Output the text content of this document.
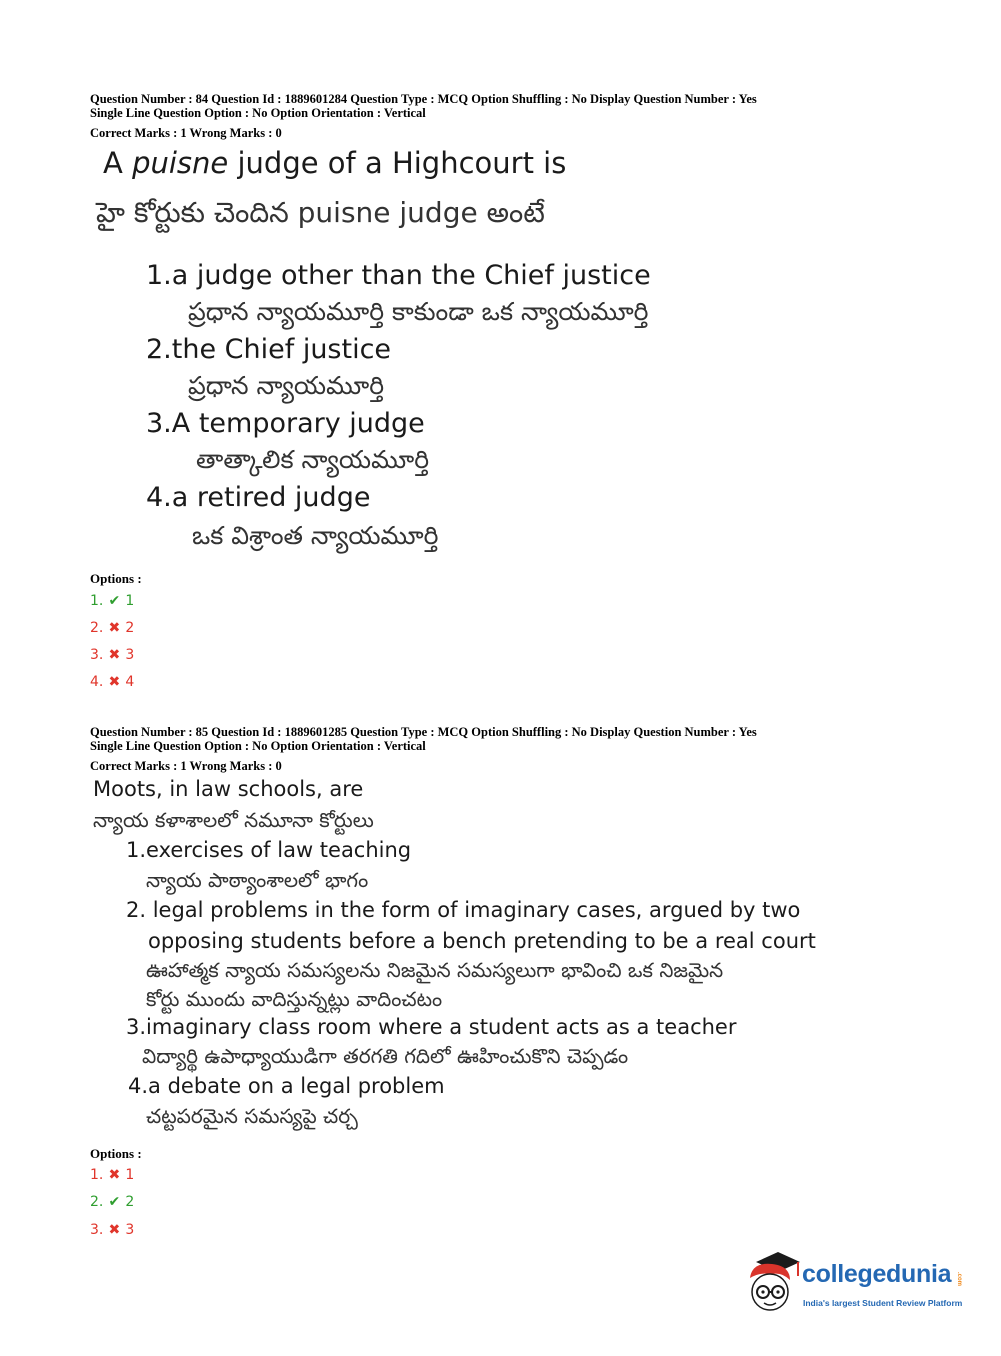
Question Number : 84 Question Id : 1889601284 Question Type : MCQ Option Shuffling : No Display Question Number : Yes
Single Line Question Option : No Option Orientation : Vertical
Correct Marks : 1 Wrong Marks : 0
A puisne judge of a Highcourt is
హై కోర్టుకు చెందిన puisne judge అంటే
1.a judge other than the Chief justice
ప్రధాన న్యాయమూర్తి కాకుండా ఒక న్యాయమూర్తి
2.the Chief justice
ప్రధాన న్యాయమూర్తి
3.A temporary judge
తాత్కాలిక న్యాయమూర్తి
4.a retired judge
ఒక విశ్రాంత న్యాయమూర్తి
Options :
1. ✔ 1
2. ✖ 2
3. ✖ 3
4. ✖ 4
Question Number : 85 Question Id : 1889601285 Question Type : MCQ Option Shuffling : No Display Question Number : Yes
Single Line Question Option : No Option Orientation : Vertical
Correct Marks : 1 Wrong Marks : 0
Moots, in law schools, are
న్యాయ కళాశాలలో నమూనా కోర్టులు
1.exercises of law teaching
న్యాయ పాఠ్యాంశాలలో భాగం
2. legal problems in the form of imaginary cases, argued by two
opposing students before a bench pretending to be a real court
ఊహాత్మక న్యాయ సమస్యలను నిజమైన సమస్యలుగా భావించి ఒక నిజమైన
కోర్టు ముందు వాదిస్తున్నట్లు వాదించటం
3.imaginary class room where a student acts as a teacher
విద్యార్థి ఉపాధ్యాయుడిగా తరగతి గదిలో ఊహించుకొని చెప్పడం
4.a debate on a legal problem
చట్టపరమైన సమస్యపై చర్చ
Options :
1. ✖ 1
2. ✔ 2
3. ✖ 3
collegedunia .com
India's largest Student Review Platform
